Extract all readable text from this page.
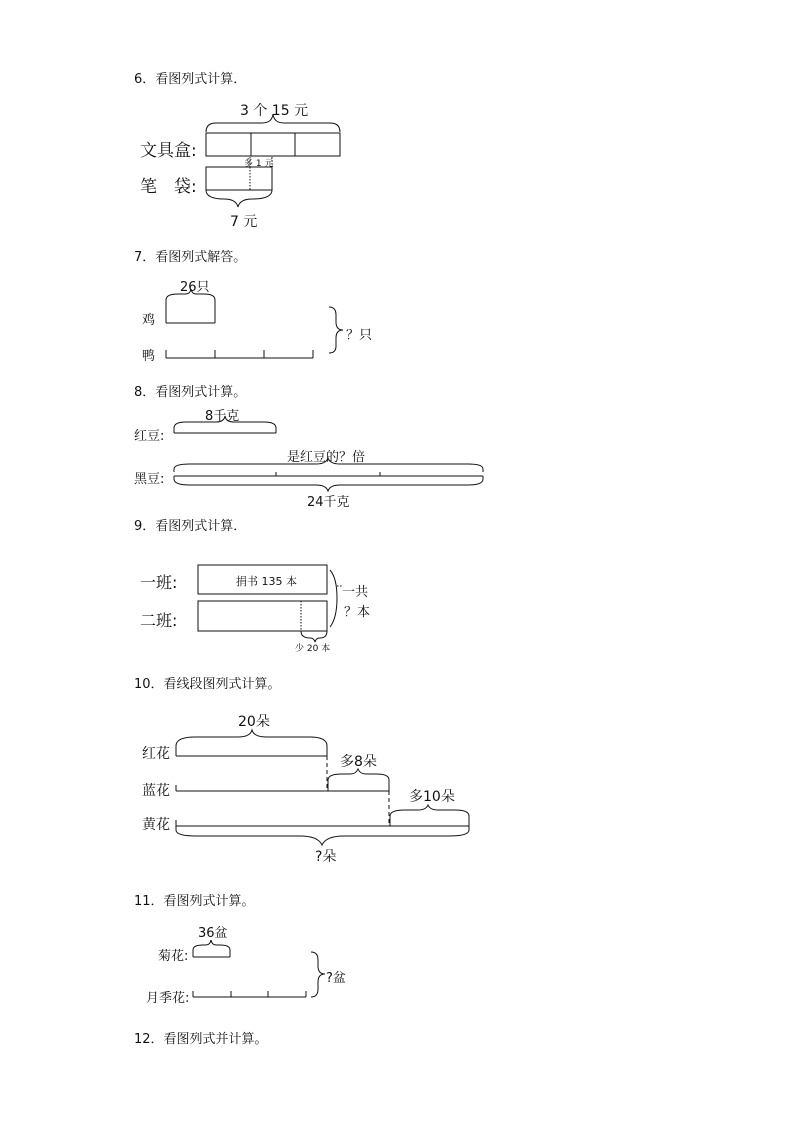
6．看图列式计算．
3 个 15 元
文具盒:
笔　袋:
多 1 元
7 元
7．看图列式解答。
26只
鸡
鸭
？只
8．看图列式计算。
8千克
红豆:
黑豆:
是红豆的？倍
24千克
9．看图列式计算．
一班:
二班:
捐书 135 本
一共
？本
少 20 本
10．看线段图列式计算。
20朵
红花
蓝花
黄花
多8朵
多10朵
?朵
11．看图列式计算。
36盆
菊花:
月季花:
?盆
12．看图列式并计算。
